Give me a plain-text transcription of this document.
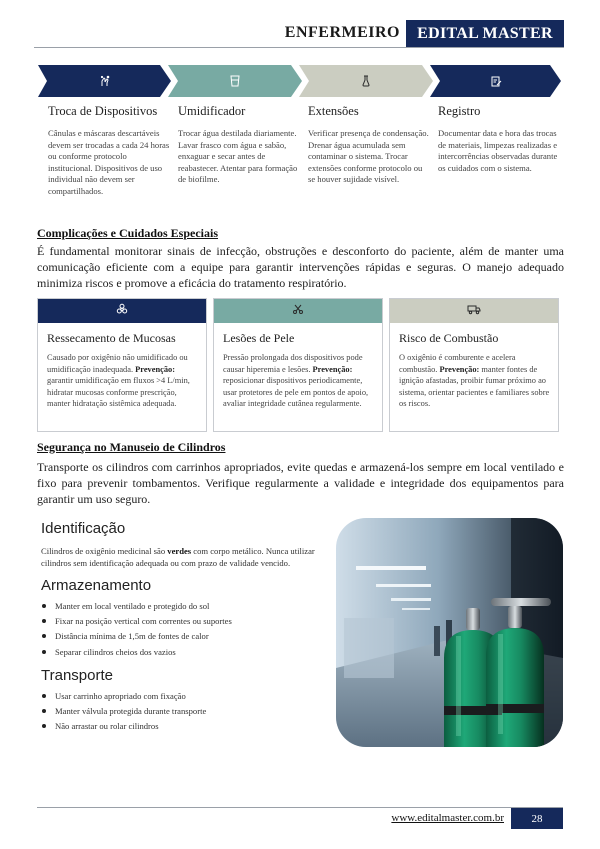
ENFERMEIRO	EDITAL MASTER
Troca de Dispositivos

Cânulas e máscaras descartáveis devem ser trocadas a cada 24 horas ou conforme protocolo institucional. Dispositivos de uso individual não devem ser compartilhados.

Umidificador

Trocar água destilada diariamente. Lavar frasco com água e sabão, enxaguar e secar antes de reabastecer. Atentar para formação de biofilme.

Extensões

Verificar presença de condensação. Drenar água acumulada sem contaminar o sistema. Trocar extensões conforme protocolo ou se houver sujidade visível.

Registro

Documentar data e hora das trocas de materiais, limpezas realizadas e intercorrências observadas durante os cuidados com o sistema.

Complicações e Cuidados Especiais
É fundamental monitorar sinais de infecção, obstruções e desconforto do paciente, além de manter uma comunicação eficiente com a equipe para garantir intervenções rápidas e seguras. O manejo adequado minimiza riscos e promove a eficácia do tratamento respiratório.
Ressecamento de Mucosas

Causado por oxigênio não umidificado ou umidificação inadequada. Prevenção: garantir umidificação em fluxos >4 L/min, hidratar mucosas conforme prescrição, manter hidratação sistêmica adequada.

Lesões de Pele

Pressão prolongada dos dispositivos pode causar hiperemia e lesões. Prevenção: reposicionar dispositivos periodicamente, usar protetores de pele em pontos de apoio, avaliar integridade cutânea regularmente.

Risco de Combustão

O oxigênio é comburente e acelera combustão. Prevenção: manter fontes de ignição afastadas, proibir fumar próximo ao sistema, orientar pacientes e familiares sobre os riscos.

Segurança no Manuseio de Cilindros
Transporte os cilindros com carrinhos apropriados, evite quedas e armazená-los sempre em local ventilado e fixo para prevenir tombamentos. Verifique regularmente a validade e integridade dos equipamentos para garantir um uso seguro.
Identificação

Cilindros de oxigênio medicinal são verdes com corpo metálico. Nunca utilizar cilindros sem identificação adequada ou com prazo de validade vencido.

Armazenamento
Manter em local ventilado e protegido do sol
Fixar na posição vertical com correntes ou suportes
Distância mínima de 1,5m de fontes de calor
Separar cilindros cheios dos vazios
Transporte
Usar carrinho apropriado com fixação
Manter válvula protegida durante transporte
Não arrastar ou rolar cilindros
www.editalmaster.com.br	28
